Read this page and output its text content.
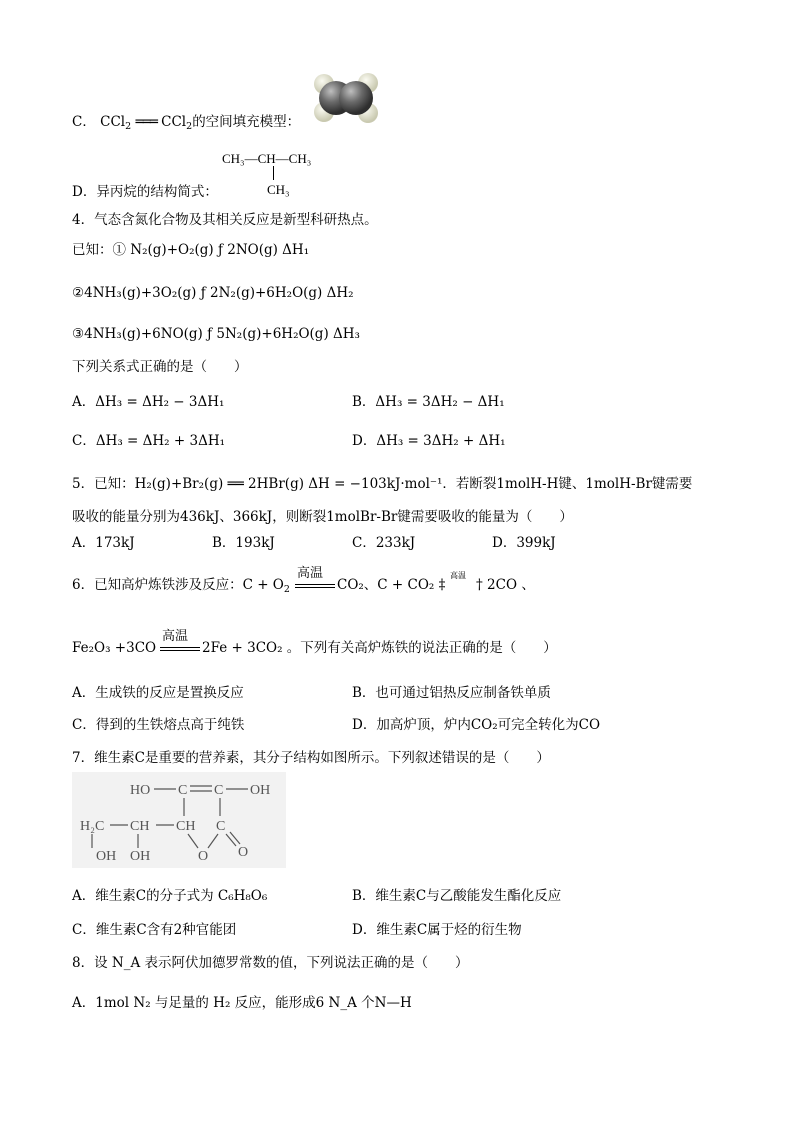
C． CCl$_2$ ═══ CCl$_2$的空间填充模型：
D．异丙烷的结构简式：
CH₃—CH—CH₃
CH₃
4．气态含氮化合物及其相关反应是新型科研热点。
已知：① N₂(g)+O₂(g) ƒ 2NO(g) ΔH₁
②4NH₃(g)+3O₂(g) ƒ 2N₂(g)+6H₂O(g) ΔH₂
③4NH₃(g)+6NO(g) ƒ 5N₂(g)+6H₂O(g) ΔH₃
下列关系式正确的是（　　）
A．ΔH₃ = ΔH₂ − 3ΔH₁	B．ΔH₃ = 3ΔH₂ − ΔH₁
C．ΔH₃ = ΔH₂ + 3ΔH₁	D．ΔH₃ = 3ΔH₂ + ΔH₁
5．已知：H₂(g)+Br₂(g) ══ 2HBr(g) ΔH = −103kJ·mol⁻¹．若断裂1molH-H键、1molH-Br键需要
吸收的能量分别为436kJ、366kJ，则断裂1molBr-Br键需要吸收的能量为（　　）
A．173kJ	B．193kJ	C．233kJ	D．399kJ
6．已知高炉炼铁涉及反应：$C + O_2$
高温
CO₂、C + CO₂ ‡
高温
† 2CO 、
Fe₂O₃ +3CO
高温
2Fe + 3CO₂ 。下列有关高炉炼铁的说法正确的是（　　）
A．生成铁的反应是置换反应	B．也可通过铝热反应制备铁单质
C．得到的生铁熔点高于纯铁	D．加高炉顶，炉内CO₂可完全转化为CO
7．维生素C是重要的营养素，其分子结构如图所示。下列叙述错误的是（　　）
HO C C OH
H₂C CH CH C
OH OH	O O
A．维生素C的分子式为 C₆H₈O₆	B．维生素C与乙酸能发生酯化反应
C．维生素C含有2种官能团	D．维生素C属于烃的衍生物
8．设 N_A 表示阿伏加德罗常数的值，下列说法正确的是（　　）
A．1mol N₂ 与足量的 H₂ 反应，能形成6 N_A 个N—H
